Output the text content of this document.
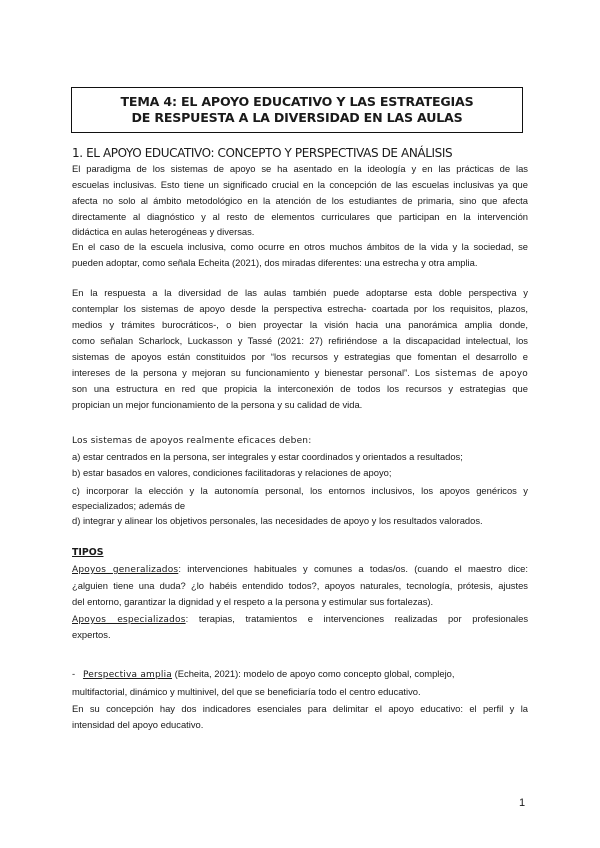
TEMA 4: EL APOYO EDUCATIVO Y LAS ESTRATEGIAS
DE RESPUESTA A LA DIVERSIDAD EN LAS AULAS
1. EL APOYO EDUCATIVO: CONCEPTO Y PERSPECTIVAS DE ANÁLISIS
El paradigma de los sistemas de apoyo se ha asentado en la ideología y en las prácticas de las
escuelas inclusivas. Esto tiene un significado crucial en la concepción de las escuelas inclusivas ya que
afecta no solo al ámbito metodológico en la atención de los estudiantes de primaria, sino que afecta
directamente al diagnóstico y al resto de elementos curriculares que participan en la intervención
didáctica en aulas heterogéneas y diversas.
En el caso de la escuela inclusiva, como ocurre en otros muchos ámbitos de la vida y la sociedad, se
pueden adoptar, como señala Echeita (2021), dos miradas diferentes: una estrecha y otra amplia.
En la respuesta a la diversidad de las aulas también puede adoptarse esta doble perspectiva y
contemplar los sistemas de apoyo desde la perspectiva estrecha- coartada por los requisitos, plazos,
medios y trámites burocráticos-, o bien proyectar la visión hacia una panorámica amplia donde,
como señalan Scharlock, Luckasson y Tassé (2021: 27) refiriéndose a la discapacidad intelectual, los
sistemas de apoyos están constituidos por “los recursos y estrategias que fomentan el desarrollo e
intereses de la persona y mejoran su funcionamiento y bienestar personal”. Los sistemas de apoyo
son una estructura en red que propicia la interconexión de todos los recursos y estrategias que
propician un mejor funcionamiento de la persona y su calidad de vida.
Los sistemas de apoyos realmente eficaces deben:
a) estar centrados en la persona, ser integrales y estar coordinados y orientados a resultados;
b) estar basados en valores, condiciones facilitadoras y relaciones de apoyo;
c) incorporar la elección y la autonomía personal, los entornos inclusivos, los apoyos genéricos y
especializados; además de
d) integrar y alinear los objetivos personales, las necesidades de apoyo y los resultados valorados.
TIPOS
Apoyos generalizados: intervenciones habituales y comunes a todas/os. (cuando el maestro dice:
¿alguien tiene una duda? ¿lo habéis entendido todos?, apoyos naturales, tecnología, prótesis, ajustes
del entorno, garantizar la dignidad y el respeto a la persona y estimular sus fortalezas).
Apoyos especializados: terapias, tratamientos e intervenciones realizadas por profesionales
expertos.
- Perspectiva amplia (Echeita, 2021): modelo de apoyo como concepto global, complejo,
multifactorial, dinámico y multinivel, del que se beneficiaría todo el centro educativo.
En su concepción hay dos indicadores esenciales para delimitar el apoyo educativo: el perfil y la
intensidad del apoyo educativo.
1
